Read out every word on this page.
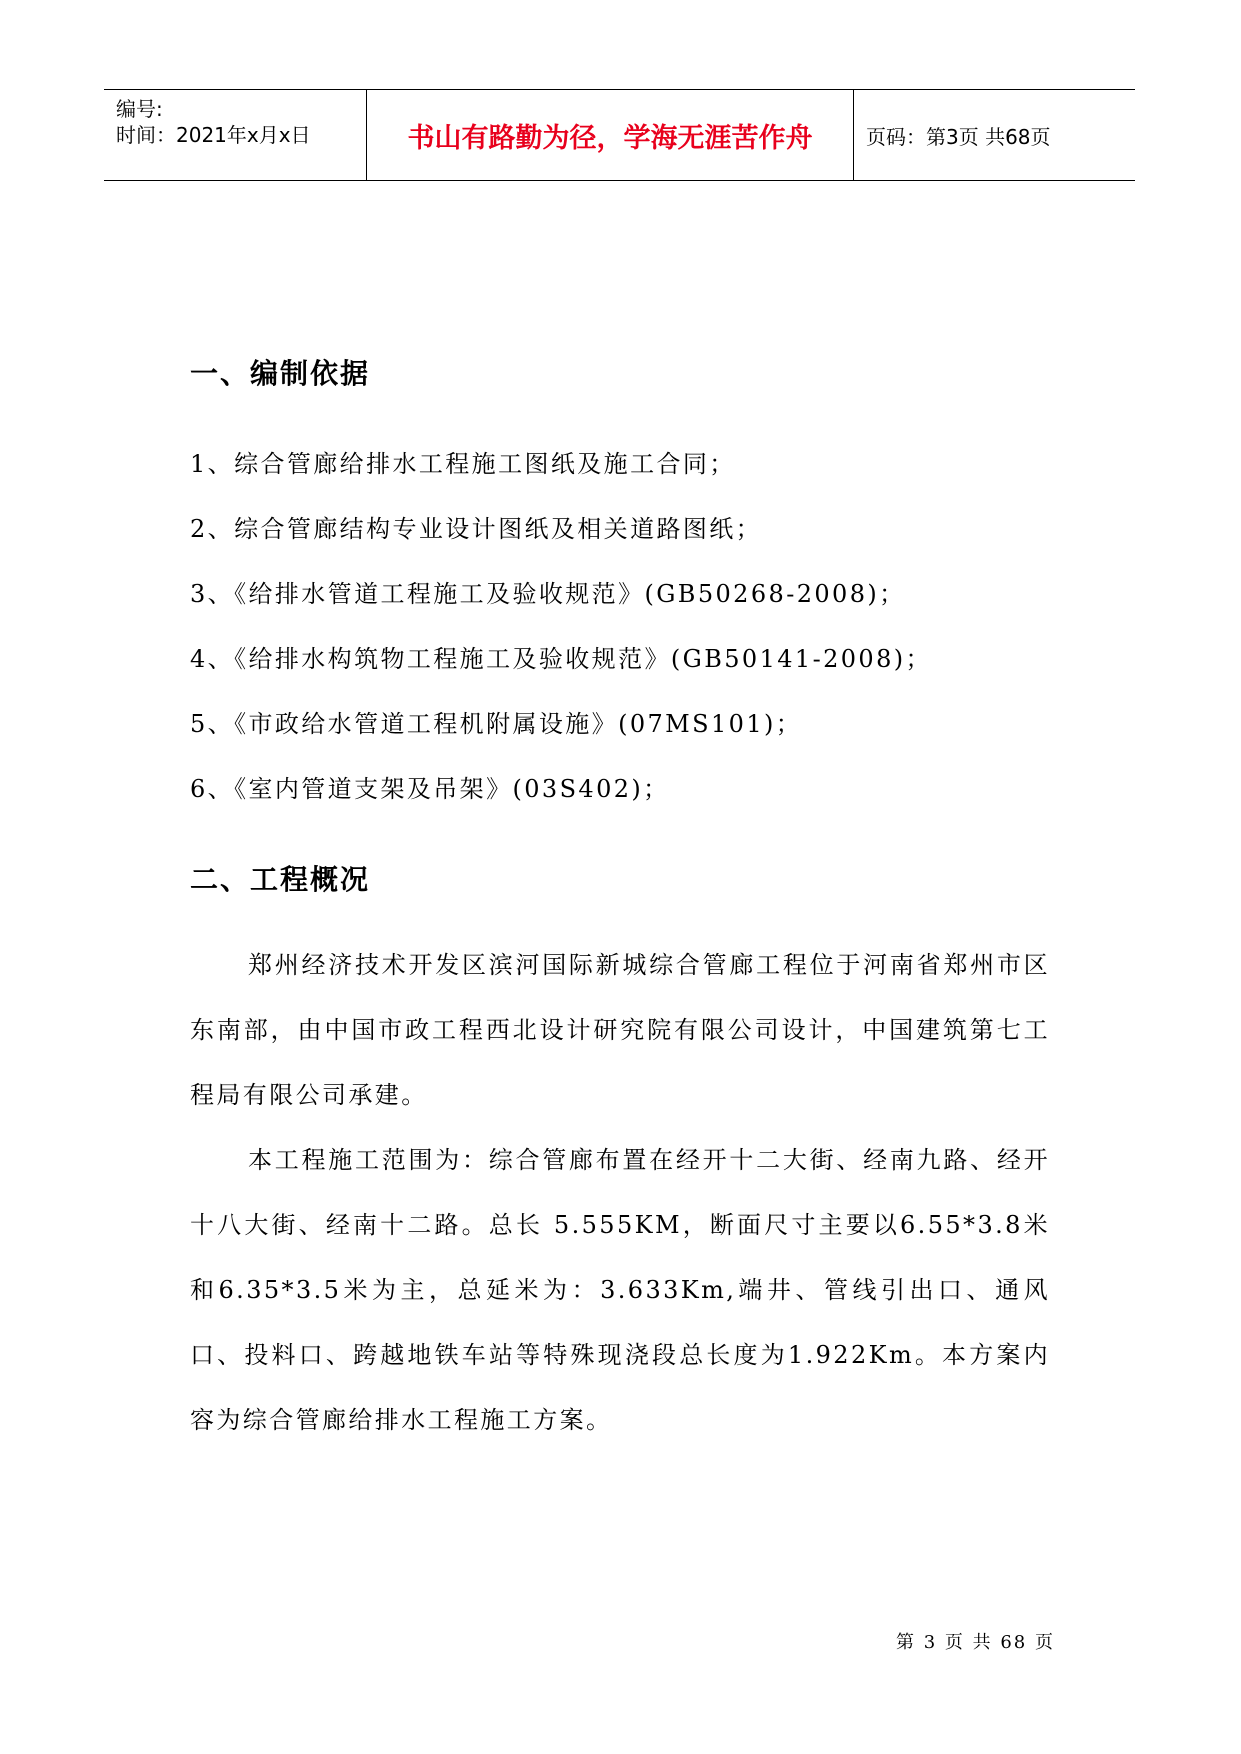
编号:
时间：2021年x月x日	书山有路勤为径，学海无涯苦作舟	页码：第3页 共68页
一、编制依据
1、综合管廊给排水工程施工图纸及施工合同；
2、综合管廊结构专业设计图纸及相关道路图纸；
3、《给排水管道工程施工及验收规范》(GB50268-2008)；
4、《给排水构筑物工程施工及验收规范》(GB50141-2008)；
5、《市政给水管道工程机附属设施》(07MS101)；
6、《室内管道支架及吊架》(03S402)；
二、工程概况
郑州经济技术开发区滨河国际新城综合管廊工程位于河南省郑州市区东南部，由中国市政工程西北设计研究院有限公司设计，中国建筑第七工程局有限公司承建。
本工程施工范围为：综合管廊布置在经开十二大街、经南九路、经开十八大街、经南十二路。总长 5.555KM，断面尺寸主要以6.55*3.8米和6.35*3.5米为主，总延米为：3.633Km,端井、管线引出口、通风口、投料口、跨越地铁车站等特殊现浇段总长度为1.922Km。本方案内容为综合管廊给排水工程施工方案。
第 3 页 共 68 页
